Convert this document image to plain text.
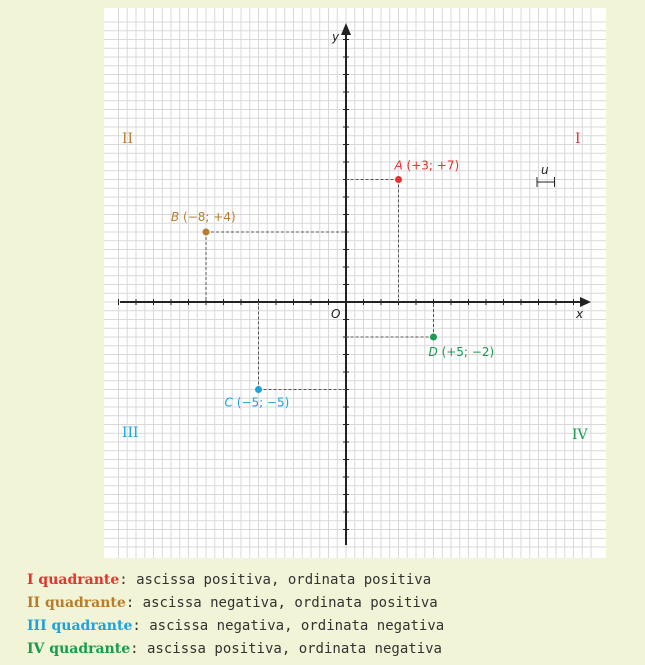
x
y
O
u
I
II
III	IV
A (+3; +7)
B (−8; +4)
C (−5; −5)
D (+5; −2)
I quadrante: ascissa positiva, ordinata positiva
II quadrante: ascissa negativa, ordinata positiva
III quadrante: ascissa negativa, ordinata negativa
IV quadrante: ascissa positiva, ordinata negativa
